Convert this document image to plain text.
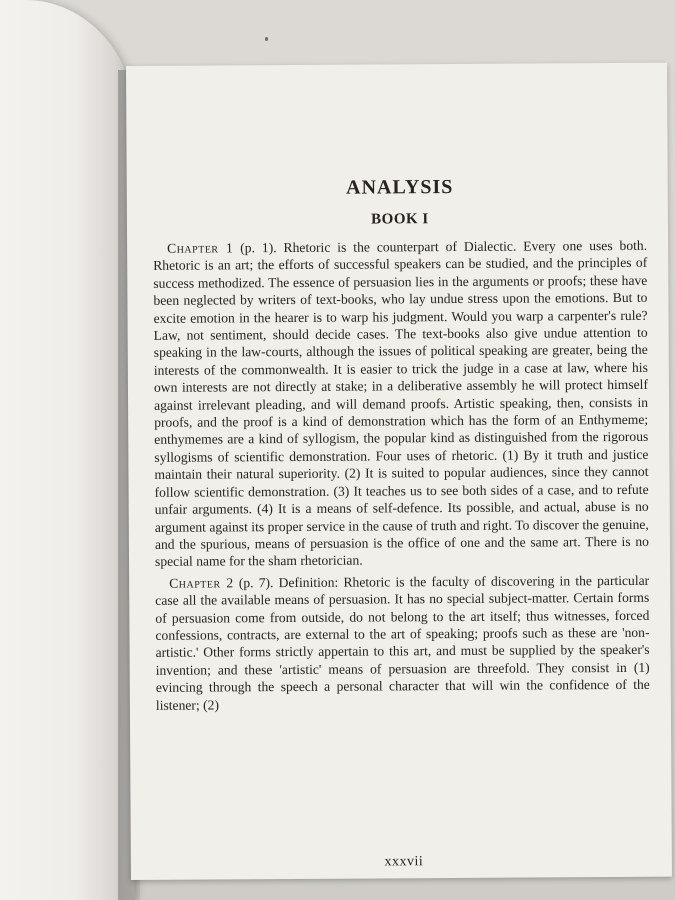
ANALYSIS
BOOK I

Chapter 1 (p. 1). Rhetoric is the counterpart of Dialectic. Every one uses both. Rhetoric is an art; the efforts of successful speakers can be studied, and the principles of success methodized. The essence of persuasion lies in the arguments or proofs; these have been neglected by writers of text-books, who lay undue stress upon the emotions. But to excite emotion in the hearer is to warp his judgment. Would you warp a carpenter's rule? Law, not sentiment, should decide cases. The text-books also give undue attention to speaking in the law-courts, although the issues of political speaking are greater, being the interests of the commonwealth. It is easier to trick the judge in a case at law, where his own interests are not directly at stake; in a deliberative assembly he will protect himself against irrelevant pleading, and will demand proofs. Artistic speaking, then, consists in proofs, and the proof is a kind of demonstration which has the form of an Enthymeme; enthymemes are a kind of syllogism, the popular kind as distinguished from the rigorous syllogisms of scientific demonstration. Four uses of rhetoric. (1) By it truth and justice maintain their natural superiority. (2) It is suited to popular audiences, since they cannot follow scientific demonstration. (3) It teaches us to see both sides of a case, and to refute unfair arguments. (4) It is a means of self-defence. Its possible, and actual, abuse is no argument against its proper service in the cause of truth and right. To discover the genuine, and the spurious, means of persuasion is the office of one and the same art. There is no special name for the sham rhetorician.

Chapter 2 (p. 7). Definition: Rhetoric is the faculty of discovering in the particular case all the available means of persuasion. It has no special subject-matter. Certain forms of persuasion come from outside, do not belong to the art itself; thus witnesses, forced confessions, contracts, are external to the art of speaking; proofs such as these are 'non-artistic.' Other forms strictly appertain to this art, and must be supplied by the speaker's invention; and these 'artistic' means of persuasion are threefold. They consist in (1) evincing through the speech a personal character that will win the confidence of the listener; (2)

xxxvii
